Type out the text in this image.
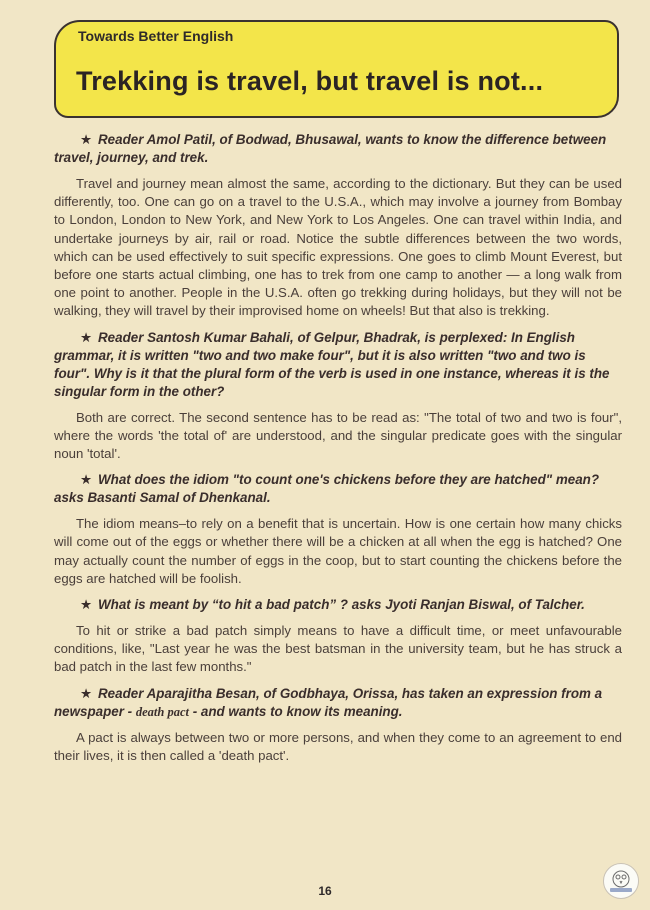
Towards Better English
Trekking is travel, but travel is not...

★ Reader Amol Patil, of Bodwad, Bhusawal, wants to know the difference between travel, journey, and trek.

Travel and journey mean almost the same, according to the dictionary. But they can be used differently, too. One can go on a travel to the U.S.A., which may involve a journey from Bombay to London, London to New York, and New York to Los Angeles. One can travel within India, and undertake journeys by air, rail or road. Notice the subtle differences between the two words, which can be used effectively to suit specific expressions. One goes to climb Mount Everest, but before one starts actual climbing, one has to trek from one camp to another — a long walk from one point to another. People in the U.S.A. often go trekking during holidays, but they will not be walking, they will travel by their improvised home on wheels! But that also is trekking.

★ Reader Santosh Kumar Bahali, of Gelpur, Bhadrak, is perplexed: In English grammar, it is written "two and two make four", but it is also written "two and two is four". Why is it that the plural form of the verb is used in one instance, whereas it is the singular form in the other?

Both are correct. The second sentence has to be read as: "The total of two and two is four", where the words 'the total of' are understood, and the singular predicate goes with the singular noun 'total'.

★ What does the idiom "to count one's chickens before they are hatched" mean? asks Basanti Samal of Dhenkanal.

The idiom means–to rely on a benefit that is uncertain. How is one certain how many chicks will come out of the eggs or whether there will be a chicken at all when the egg is hatched? One may actually count the number of eggs in the coop, but to start counting the chickens before the eggs are hatched will be foolish.

★ What is meant by “to hit a bad patch” ? asks Jyoti Ranjan Biswal, of Talcher.

To hit or strike a bad patch simply means to have a difficult time, or meet unfavourable conditions, like, "Last year he was the best batsman in the university team, but he has struck a bad patch in the last few months."

★ Reader Aparajitha Besan, of Godbhaya, Orissa, has taken an expression from a newspaper - death pact - and wants to know its meaning.

A pact is always between two or more persons, and when they come to an agreement to end their lives, it is then called a 'death pact'.

16
